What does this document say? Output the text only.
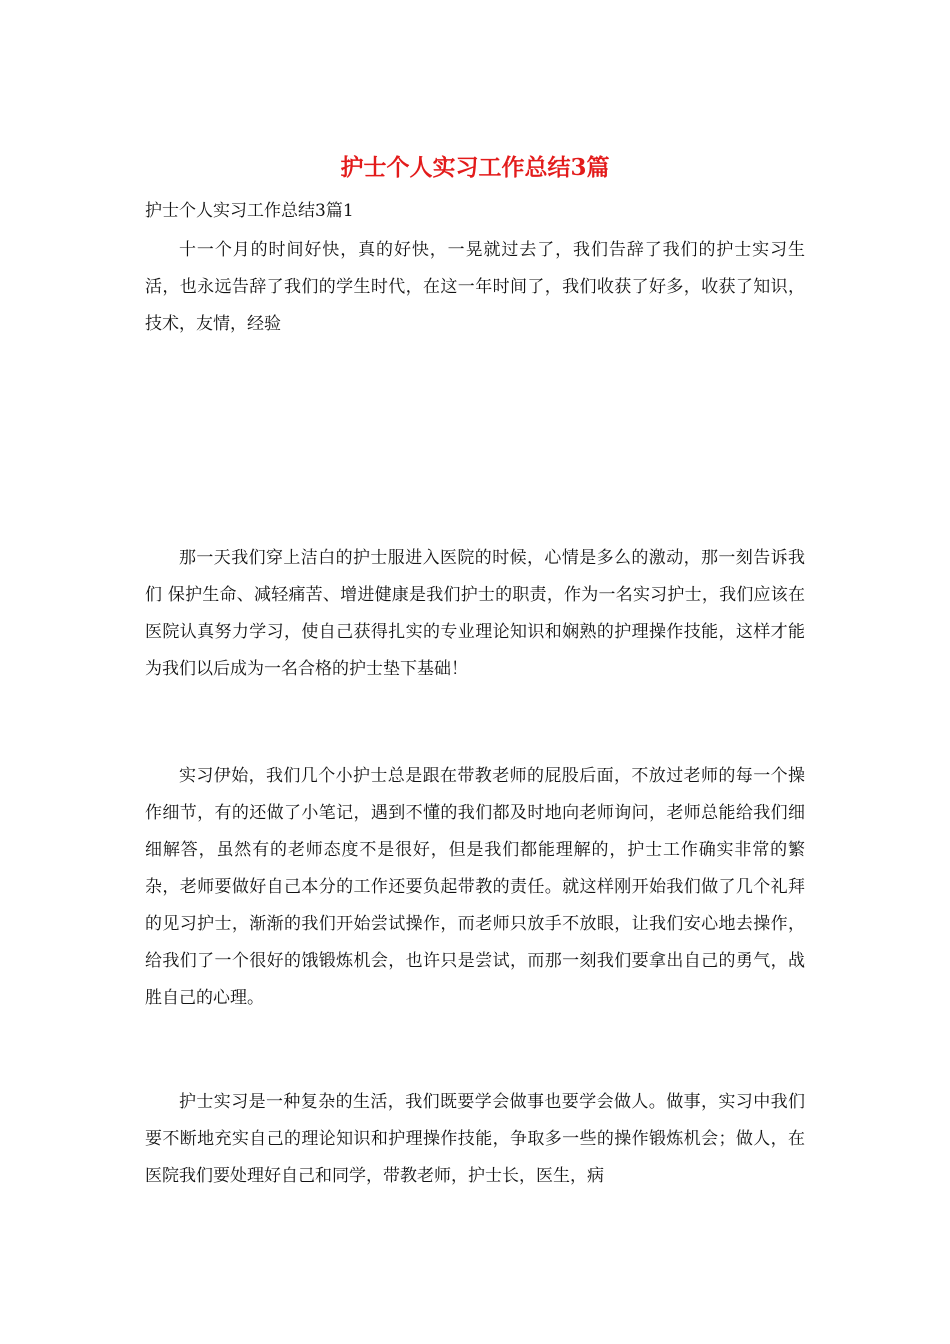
护士个人实习工作总结3篇

护士个人实习工作总结3篇1

十一个月的时间好快，真的好快，一晃就过去了，我们告辞了我们的护士实习生活，也永远告辞了我们的学生时代，在这一年时间了，我们收获了好多，收获了知识，技术，友情，经验

那一天我们穿上洁白的护士服进入医院的时候，心情是多么的激动，那一刻告诉我们 保护生命、减轻痛苦、增进健康是我们护士的职责，作为一名实习护士，我们应该在医院认真努力学习，使自己获得扎实的专业理论知识和娴熟的护理操作技能，这样才能为我们以后成为一名合格的护士垫下基础！

实习伊始，我们几个小护士总是跟在带教老师的屁股后面，不放过老师的每一个操作细节，有的还做了小笔记，遇到不懂的我们都及时地向老师询问，老师总能给我们细细解答，虽然有的老师态度不是很好，但是我们都能理解的，护士工作确实非常的繁杂，老师要做好自己本分的工作还要负起带教的责任。就这样刚开始我们做了几个礼拜的见习护士，渐渐的我们开始尝试操作，而老师只放手不放眼，让我们安心地去操作，给我们了一个很好的饿锻炼机会，也许只是尝试，而那一刻我们要拿出自己的勇气，战胜自己的心理。

护士实习是一种复杂的生活，我们既要学会做事也要学会做人。做事，实习中我们要不断地充实自己的理论知识和护理操作技能，争取多一些的操作锻炼机会；做人，在医院我们要处理好自己和同学，带教老师，护士长，医生，病
